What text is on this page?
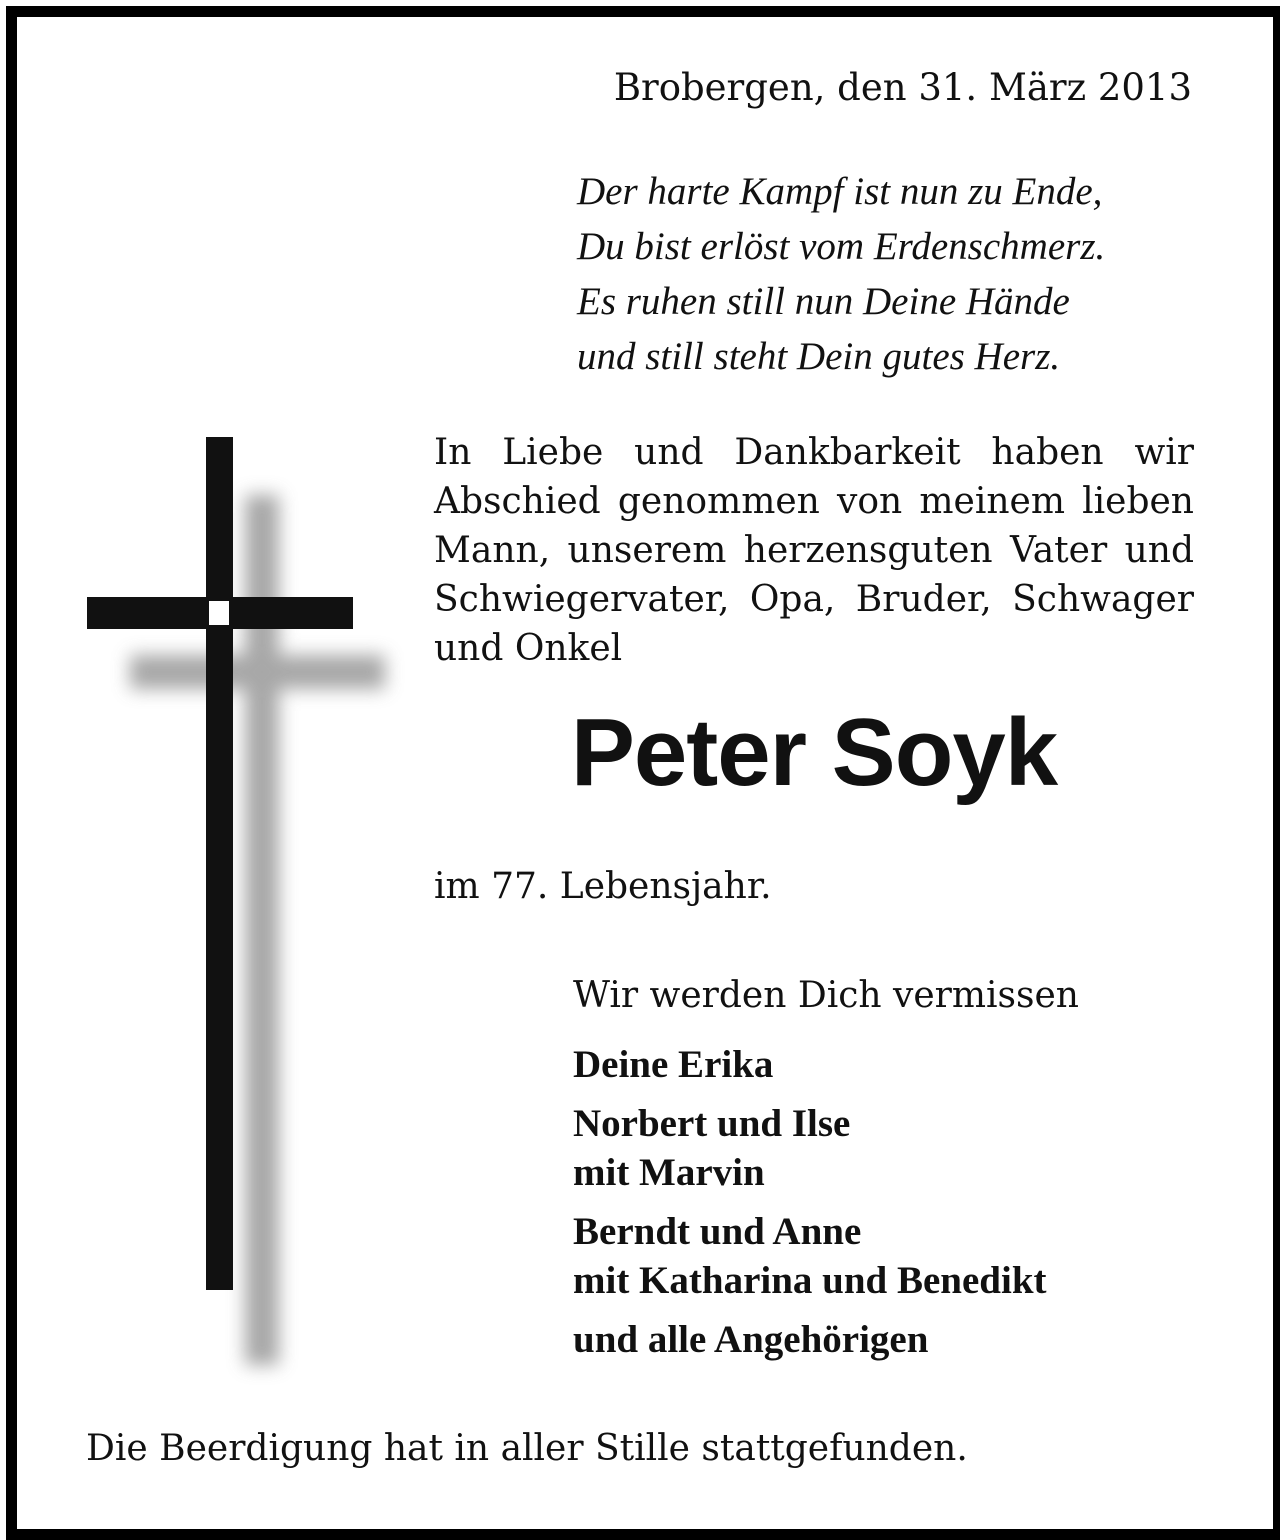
Brobergen, den 31. März 2013
Der harte Kampf ist nun zu Ende,
Du bist erlöst vom Erdenschmerz.
Es ruhen still nun Deine Hände
und still steht Dein gutes Herz.
In Liebe und Dankbarkeit haben wir Abschied genommen von meinem lieben Mann, unserem herzensguten Vater und Schwiegervater, Opa, Bruder, Schwager und Onkel
Peter Soyk
im 77. Lebensjahr.
Wir werden Dich vermissen
Deine Erika
Norbert und Ilse
mit Marvin
Berndt und Anne
mit Katharina und Benedikt
und alle Angehörigen
Die Beerdigung hat in aller Stille stattgefunden.
